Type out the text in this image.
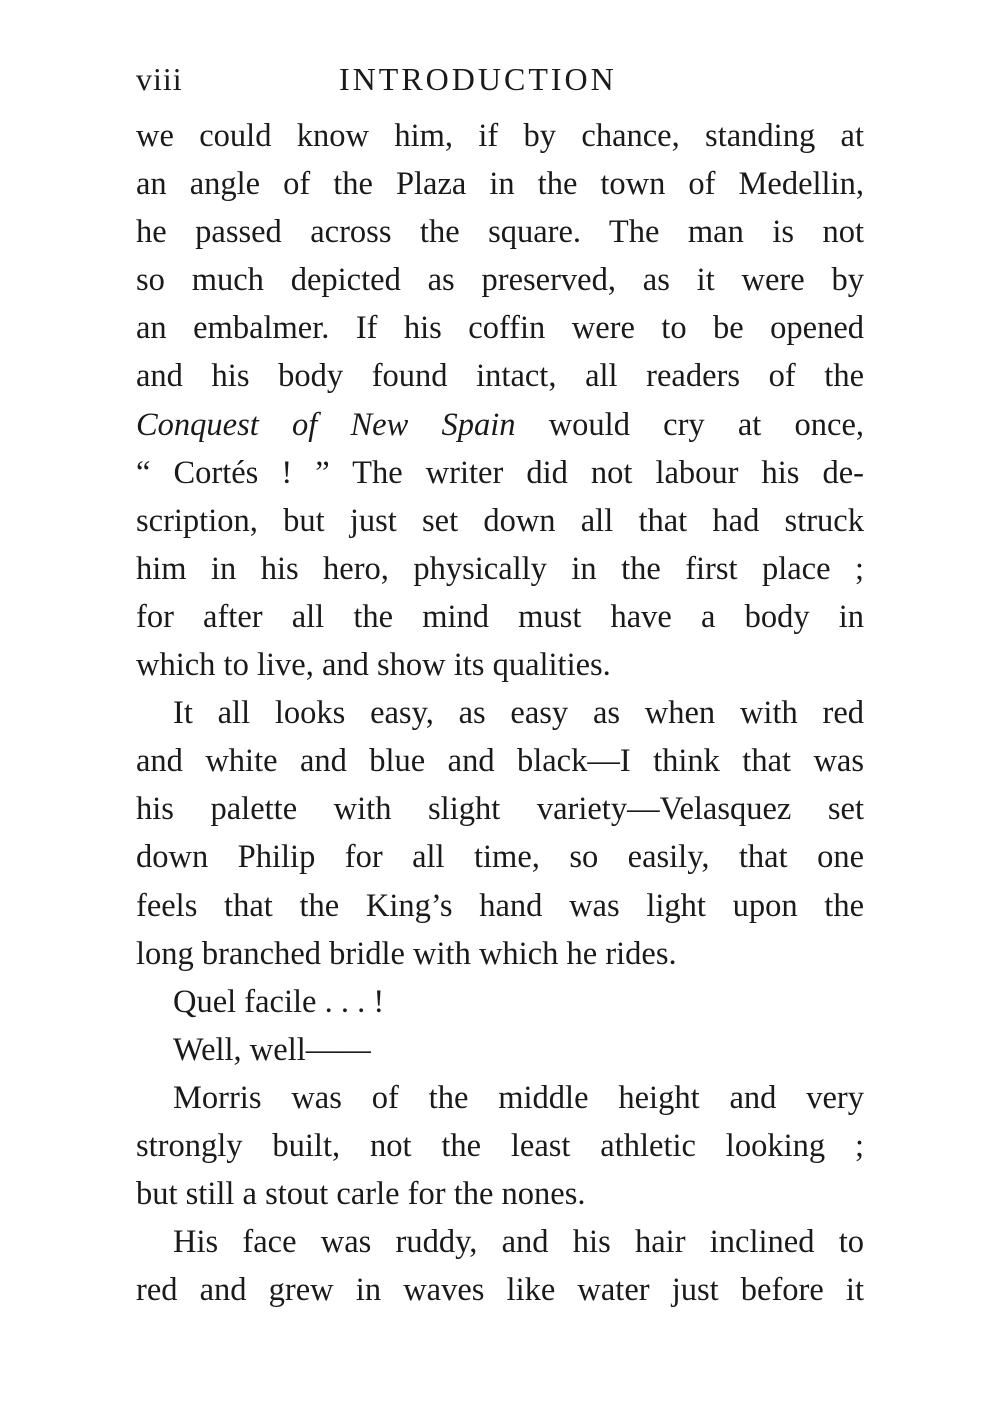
viii	INTRODUCTION
we could know him, if by chance, standing at
an angle of the Plaza in the town of Medellin,
he passed across the square. The man is not
so much depicted as preserved, as it were by
an embalmer. If his coffin were to be opened
and his body found intact, all readers of the
Conquest of New Spain would cry at once,
“ Cortés ! ” The writer did not labour his de-
scription, but just set down all that had struck
him in his hero, physically in the first place ;
for after all the mind must have a body in
which to live, and show its qualities.
It all looks easy, as easy as when with red
and white and blue and black—I think that was
his palette with slight variety—Velasquez set
down Philip for all time, so easily, that one
feels that the King’s hand was light upon the
long branched bridle with which he rides.
Quel facile . . . !
Well, well——
Morris was of the middle height and very
strongly built, not the least athletic looking ;
but still a stout carle for the nones.
His face was ruddy, and his hair inclined to
red and grew in waves like water just before it
